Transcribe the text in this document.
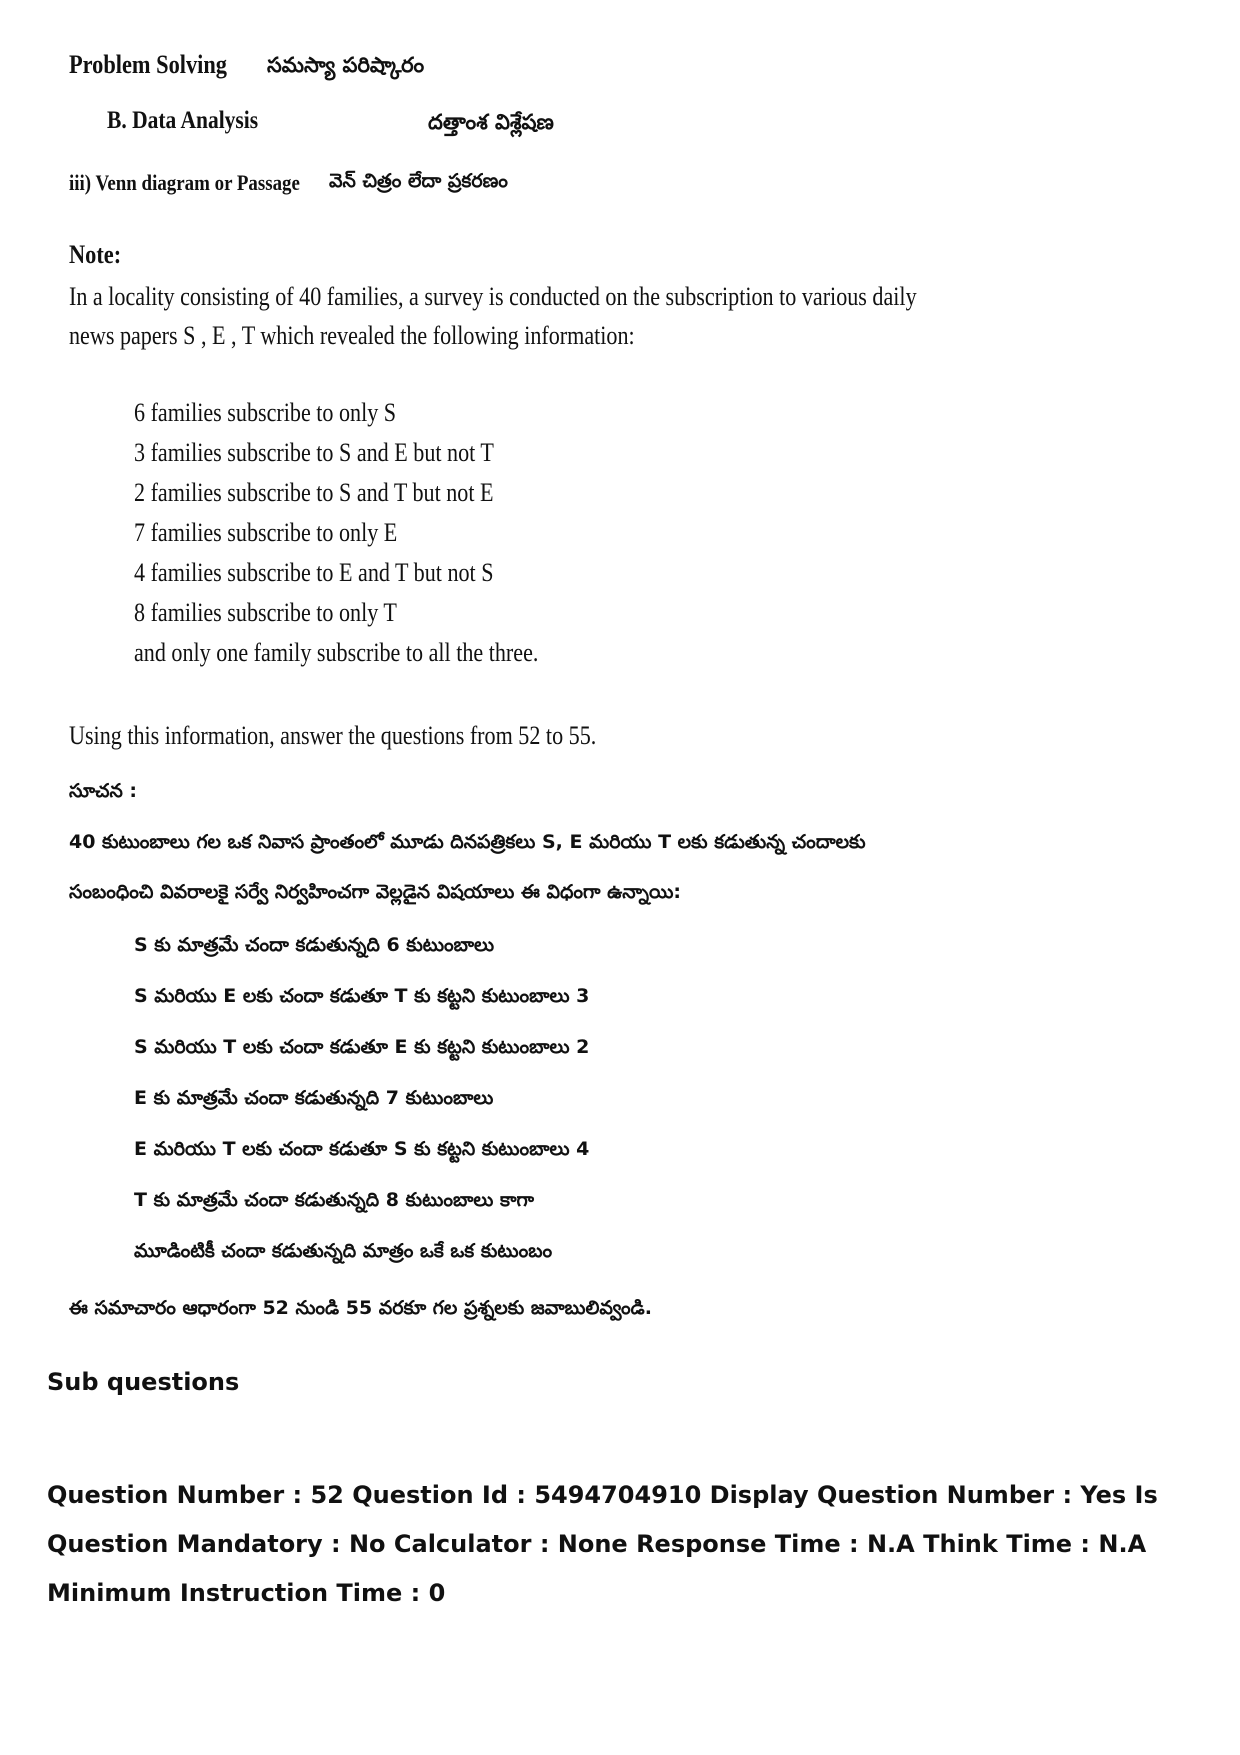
Problem Solving సమస్యా పరిష్కారం
B. Data Analysis	దత్తాంశ విశ్లేషణ
iii) Venn diagram or Passage వెన్ చిత్రం లేదా ప్రకరణం
Note:
In a locality consisting of 40 families, a survey is conducted on the subscription to various daily
news papers S , E , T which revealed the following information:
6 families subscribe to only S
3 families subscribe to S and E but not T
2 families subscribe to S and T but not E
7 families subscribe to only E
4 families subscribe to E and T but not S
8 families subscribe to only T
and only one family subscribe to all the three.
Using this information, answer the questions from 52 to 55.
సూచన :
40 కుటుంబాలు గల ఒక నివాస ప్రాంతంలో మూడు దినపత్రికలు S, E మరియు T లకు కడుతున్న చందాలకు
సంబంధించి వివరాలకై సర్వే నిర్వహించగా వెల్లడైన విషయాలు ఈ విధంగా ఉన్నాయి:
S కు మాత్రమే చందా కడుతున్నది 6 కుటుంబాలు
S మరియు E లకు చందా కడుతూ T కు కట్టని కుటుంబాలు 3
S మరియు T లకు చందా కడుతూ E కు కట్టని కుటుంబాలు 2
E కు మాత్రమే చందా కడుతున్నది 7 కుటుంబాలు
E మరియు T లకు చందా కడుతూ S కు కట్టని కుటుంబాలు 4
T కు మాత్రమే చందా కడుతున్నది 8 కుటుంబాలు కాగా
మూడింటికీ చందా కడుతున్నది మాత్రం ఒకే ఒక కుటుంబం
ఈ సమాచారం ఆధారంగా 52 నుండి 55 వరకూ గల ప్రశ్నలకు జవాబులివ్వండి.
Sub questions
Question Number : 52 Question Id : 5494704910 Display Question Number : Yes Is Question Mandatory : No Calculator : None Response Time : N.A Think Time : N.A Minimum Instruction Time : 0
